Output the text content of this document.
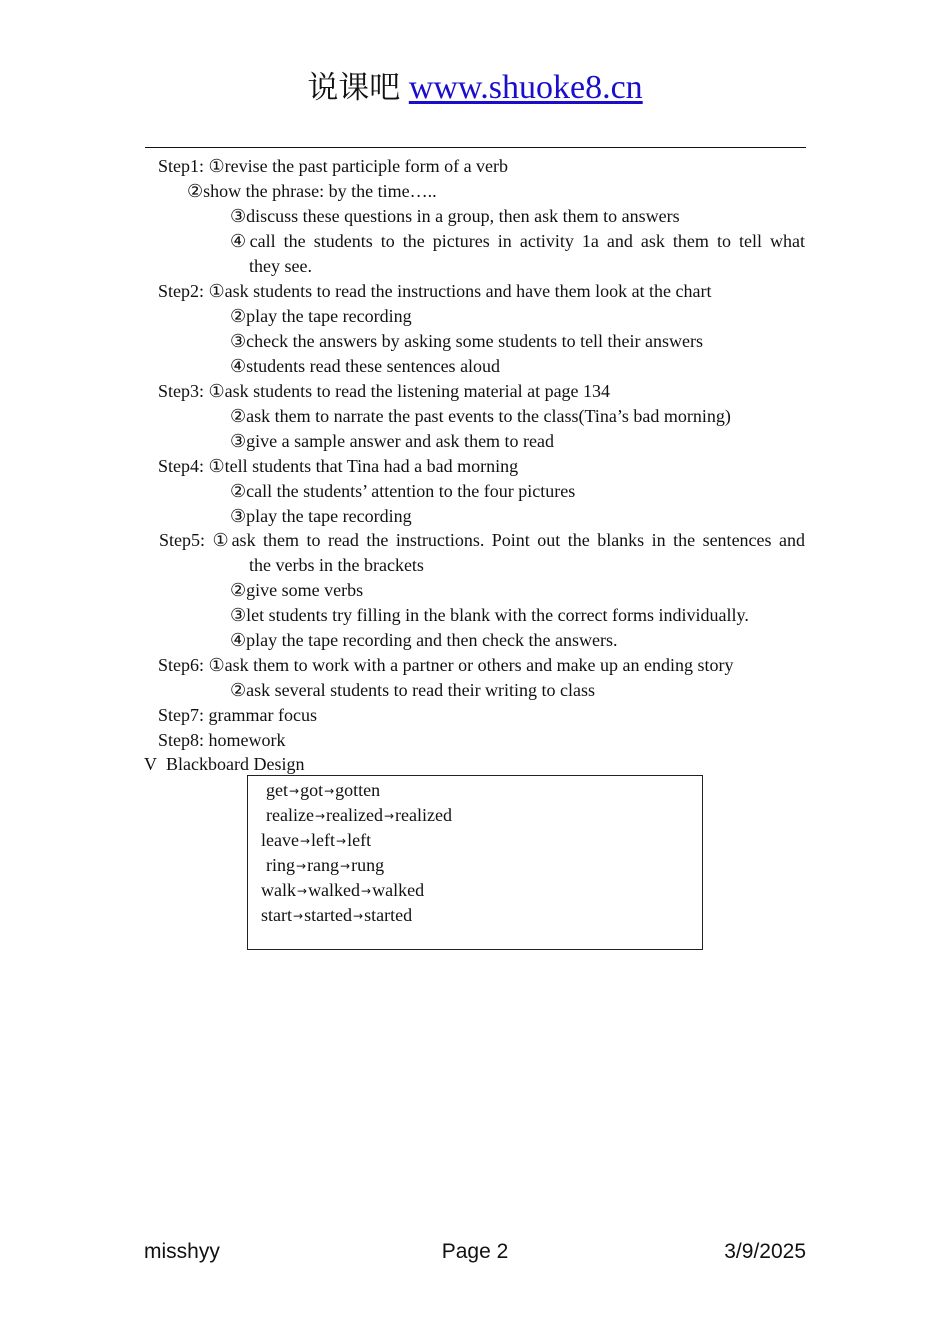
说课吧 www.shuoke8.cn
Step1: ①revise the past participle form of a verb
②show the phrase: by the time…..
③discuss these questions in a group, then ask them to answers
④call the students to the pictures in activity 1a and ask them to tell what
they see.
Step2: ①ask students to read the instructions and have them look at the chart
②play the tape recording
③check the answers by asking some students to tell their answers
④students read these sentences aloud
Step3: ①ask students to read the listening material at page 134
②ask them to narrate the past events to the class(Tina’s bad morning)
③give a sample answer and ask them to read
Step4: ①tell students that Tina had a bad morning
②call the students’ attention to the four pictures
③play the tape recording
Step5: ①ask them to read the instructions. Point out the blanks in the sentences and
the verbs in the brackets
②give some verbs
③let students try filling in the blank with the correct forms individually.
④play the tape recording and then check the answers.
Step6: ①ask them to work with a partner or others and make up an ending story
②ask several students to read their writing to class
Step7: grammar focus
Step8: homework
V Blackboard Design
get→got→gotten
realize→realized→realized
leave→left→left
ring→rang→rung
walk→walked→walked
start→started→started
misshyy	Page 2	3/9/2025
